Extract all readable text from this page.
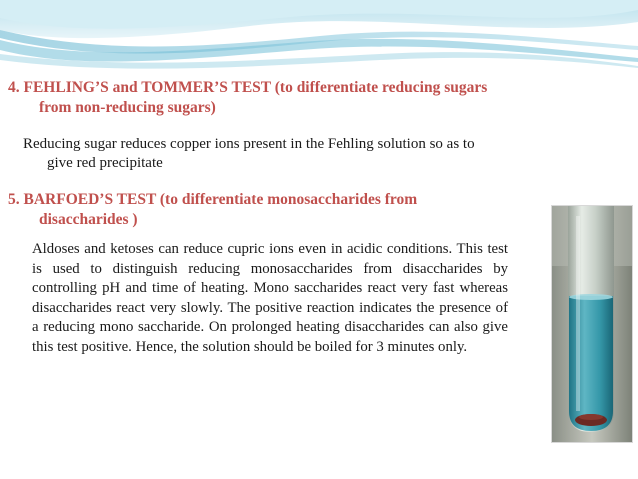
4. FEHLING’S and TOMMER’S TEST (to differentiate reducing sugars
from non-reducing sugars)
Reducing sugar reduces copper ions present in the Fehling solution so as to
give red precipitate
5. BARFOED’S TEST (to differentiate monosaccharides from
disaccharides )
Aldoses and ketoses can reduce cupric ions even in acidic conditions. This test is used to distinguish reducing monosaccharides from disaccharides by controlling pH and time of heating. Mono saccharides react very fast whereas disaccharides react very slowly. The positive reaction indicates the presence of a reducing mono saccharide. On prolonged heating disaccharides can also give this test positive. Hence, the solution should be boiled for 3 minutes only.
